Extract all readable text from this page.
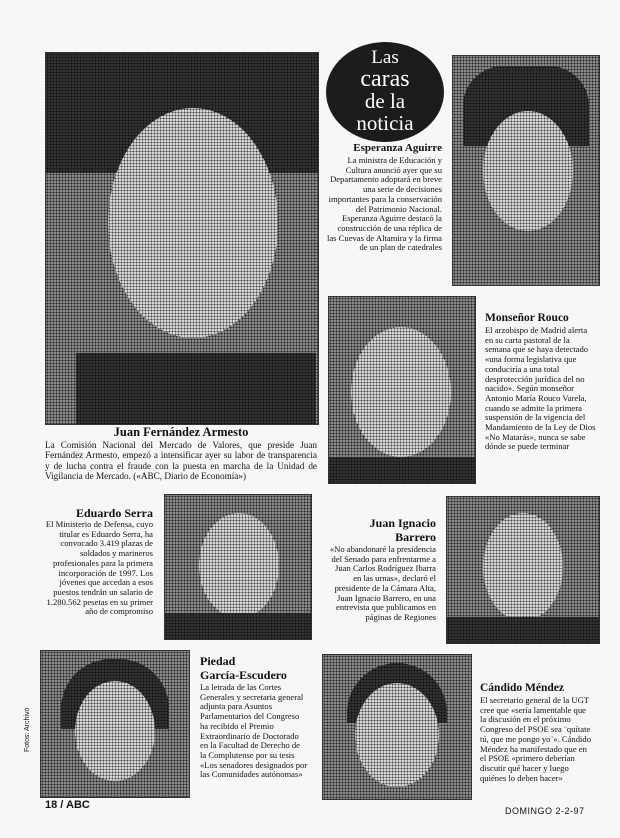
Juan Fernández Armesto
La Comisión Nacional del Mercado de Valores, que preside Juan Fernández Armesto, empezó a intensificar ayer su labor de transparencia y de lucha contra el fraude con la puesta en marcha de la Unidad de Vigilancia de Mercado. («ABC, Diario de Economía»)
Las
caras
de la
noticia
Esperanza Aguirre
La ministra de Educación y Cultura anunció ayer que su Departamento adoptará en breve una serie de decisiones importantes para la conservación del Patrimonio Nacional. Esperanza Aguirre destacó la construcción de una réplica de las Cuevas de Altamira y la firma de un plan de catedrales
Monseñor Rouco
El arzobispo de Madrid alerta en su carta pastoral de la semana que se haya detectado «una forma legislativa que conduciría a una total desprotección jurídica del no nacido». Según monseñor Antonio María Rouco Varela, cuando se admite la primera suspensión de la vigencia del Mandamiento de la Ley de Dios «No Matarás», nunca se sabe dónde se puede terminar
Eduardo Serra
El Ministerio de Defensa, cuyo titular es Eduardo Serra, ha convocado 3.419 plazas de soldados y marineros profesionales para la primera incorporación de 1997. Los jóvenes que accedan a esos puestos tendrán un salario de 1.280.562 pesetas en su primer año de compromiso
Juan Ignacio
Barrero
«No abandonaré la presidencia del Senado para enfrentarme a Juan Carlos Rodríguez Ibarra en las urnas», declaró el presidente de la Cámara Alta, Juan Ignacio Barrero, en una entrevista que publicamos en páginas de Regiones
Piedad
García-Escudero
La letrada de las Cortes Generales y secretaria general adjunta para Asuntos Parlamentarios del Congreso ha recibido el Premio Extraordinario de Doctorado en la Facultad de Derecho de la Complutense por su tesis «Los senadores designados por las Comunidades autónomas»
Cándido Méndez
El secretario general de la UGT cree que «sería lamentable que la discusión en el próximo Congreso del PSOE sea ¨quítate tú, que me pongo yo¨». Cándido Méndez ha manifestado que en el PSOE «primero deberían discutir qué hacer y luego quiénes lo deben hacer»
Fotos: Archivo
18 / ABC	DOMINGO 2-2-97
